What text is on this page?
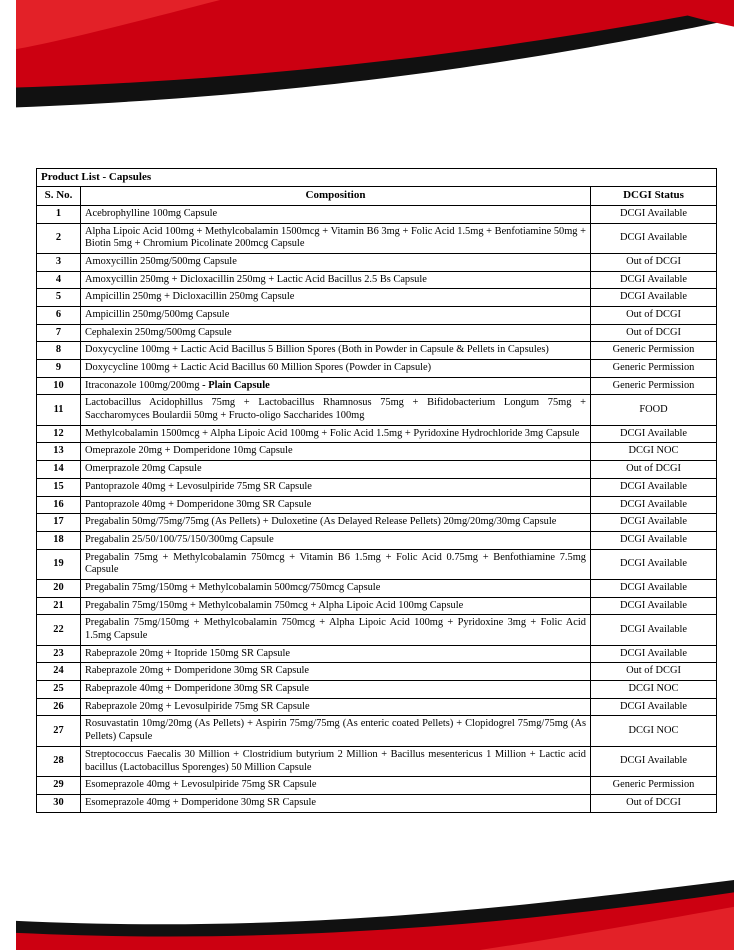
Product List - Capsules		
S. No.	Composition	DCGI Status
1	Acebrophylline 100mg Capsule	DCGI Available
2	Alpha Lipoic Acid 100mg + Methylcobalamin 1500mcg + Vitamin B6 3mg + Folic Acid 1.5mg + Benfotiamine 50mg + Biotin 5mg + Chromium Picolinate 200mcg Capsule	DCGI Available
3	Amoxycillin 250mg/500mg Capsule	Out of DCGI
4	Amoxycillin 250mg + Dicloxacillin 250mg + Lactic Acid Bacillus 2.5 Bs Capsule	DCGI Available
5	Ampicillin 250mg + Dicloxacillin 250mg Capsule	DCGI Available
6	Ampicillin 250mg/500mg Capsule	Out of DCGI
7	Cephalexin 250mg/500mg Capsule	Out of DCGI
8	Doxycycline 100mg + Lactic Acid Bacillus 5 Billion Spores (Both in Powder in Capsule & Pellets in Capsules)	Generic Permission
9	Doxycycline 100mg + Lactic Acid Bacillus 60 Million Spores (Powder in Capsule)	Generic Permission
10	Itraconazole 100mg/200mg - Plain Capsule	Generic Permission
11	Lactobacillus Acidophillus 75mg + Lactobacillus Rhamnosus 75mg + Bifidobacterium Longum 75mg + Saccharomyces Boulardii 50mg + Fructo-oligo Saccharides 100mg	FOOD
12	Methylcobalamin 1500mcg + Alpha Lipoic Acid 100mg + Folic Acid 1.5mg + Pyridoxine Hydrochloride 3mg Capsule	DCGI Available
13	Omeprazole 20mg + Domperidone 10mg Capsule	DCGI NOC
14	Omerprazole 20mg Capsule	Out of DCGI
15	Pantoprazole 40mg + Levosulpiride 75mg SR Capsule	DCGI Available
16	Pantoprazole 40mg + Domperidone 30mg SR Capsule	DCGI Available
17	Pregabalin 50mg/75mg/75mg (As Pellets) + Duloxetine (As Delayed Release Pellets) 20mg/20mg/30mg Capsule	DCGI Available
18	Pregabalin 25/50/100/75/150/300mg Capsule	DCGI Available
19	Pregabalin 75mg + Methylcobalamin 750mcg + Vitamin B6 1.5mg + Folic Acid 0.75mg + Benfothiamine 7.5mg Capsule	DCGI Available
20	Pregabalin 75mg/150mg + Methylcobalamin 500mcg/750mcg Capsule	DCGI Available
21	Pregabalin 75mg/150mg + Methylcobalamin 750mcg + Alpha Lipoic Acid 100mg Capsule	DCGI Available
22	Pregabalin 75mg/150mg + Methylcobalamin 750mcg + Alpha Lipoic Acid 100mg + Pyridoxine 3mg + Folic Acid 1.5mg Capsule	DCGI Available
23	Rabeprazole 20mg + Itopride 150mg SR Capsule	DCGI Available
24	Rabeprazole 20mg + Domperidone 30mg SR Capsule	Out of DCGI
25	Rabeprazole 40mg + Domperidone 30mg SR Capsule	DCGI NOC
26	Rabeprazole 20mg + Levosulpiride 75mg SR Capsule	DCGI Available
27	Rosuvastatin 10mg/20mg (As Pellets) + Aspirin 75mg/75mg (As enteric coated Pellets) + Clopidogrel 75mg/75mg (As Pellets) Capsule	DCGI NOC
28	Streptococcus Faecalis 30 Million + Clostridium butyrium 2 Million + Bacillus mesentericus 1 Million + Lactic acid bacillus (Lactobacillus Sporenges) 50 Million Capsule	DCGI Available
29	Esomeprazole 40mg + Levosulpiride 75mg SR Capsule	Generic Permission
30	Esomeprazole 40mg + Domperidone 30mg SR Capsule	Out of DCGI
